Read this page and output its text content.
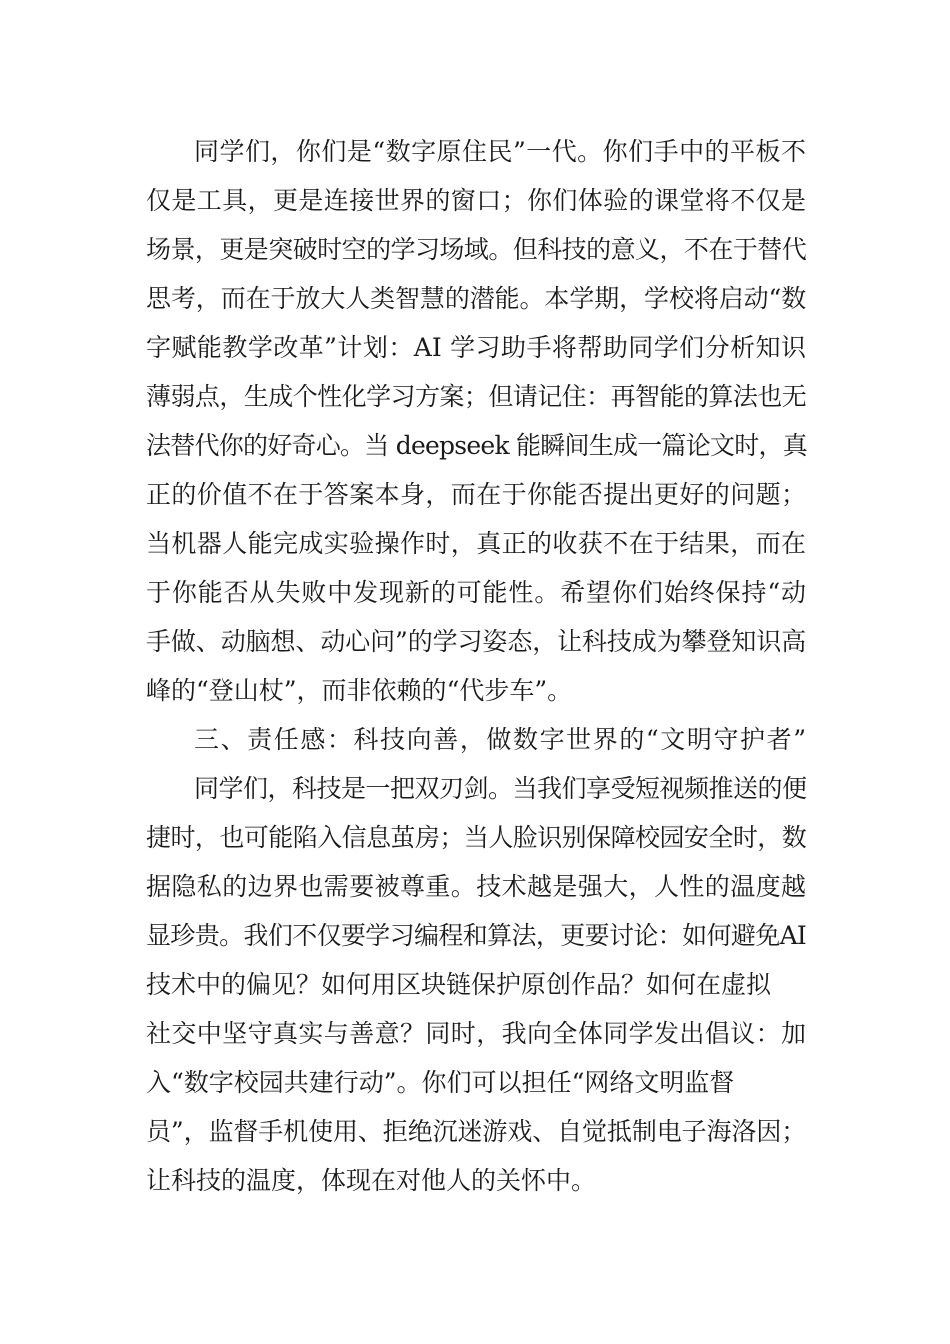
同学们，你们是“数字原住民”一代。你们手中的平板不
仅是工具，更是连接世界的窗口；你们体验的课堂将不仅是
场景，更是突破时空的学习场域。但科技的意义，不在于替代
思考，而在于放大人类智慧的潜能。本学期，学校将启动“数
字赋能教学改革”计划：AI 学习助手将帮助同学们分析知识
薄弱点，生成个性化学习方案；但请记住：再智能的算法也无
法替代你的好奇心。当 deepseek 能瞬间生成一篇论文时，真
正的价值不在于答案本身，而在于你能否提出更好的问题；
当机器人能完成实验操作时，真正的收获不在于结果，而在
于你能否从失败中发现新的可能性。希望你们始终保持“动
手做、动脑想、动心问”的学习姿态，让科技成为攀登知识高
峰的“登山杖”，而非依赖的“代步车”。
三、责任感：科技向善，做数字世界的“文明守护者”
同学们，科技是一把双刃剑。当我们享受短视频推送的便
捷时，也可能陷入信息茧房；当人脸识别保障校园安全时，数
据隐私的边界也需要被尊重。技术越是强大，人性的温度越
显珍贵。我们不仅要学习编程和算法，更要讨论：如何避免AI
技术中的偏见？如何用区块链保护原创作品？如何在虚拟
社交中坚守真实与善意？同时，我向全体同学发出倡议：加
入“数字校园共建行动”。你们可以担任“网络文明监督
员”，监督手机使用、拒绝沉迷游戏、自觉抵制电子海洛因；
让科技的温度，体现在对他人的关怀中。
